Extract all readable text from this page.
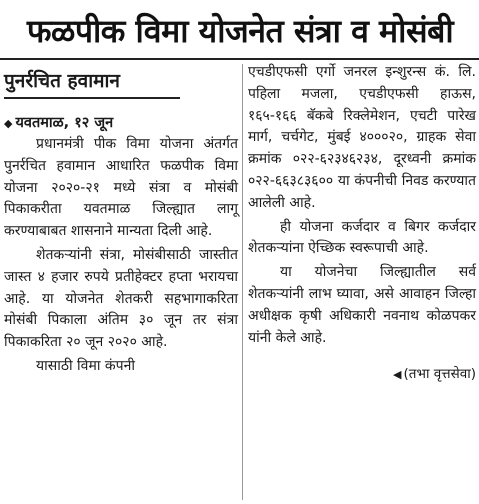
फळपीक विमा योजनेत संत्रा व मोसंबी
पुनर्रचित हवामान
◆ यवतमाळ, १२ जून

प्रधानमंत्री पीक विमा योजना अंतर्गत पुनर्रचित हवामान आधारित फळपीक विमा योजना २०२०-२१ मध्ये संत्रा व मोसंबी पिकाकरीता यवतमाळ जिल्ह्यात लागू करण्याबाबत शासनाने मान्यता दिली आहे.

शेतकऱ्यांनी संत्रा, मोसंबीसाठी जास्तीत जास्त ४ हजार रुपये प्रतीहेक्टर हप्ता भरायचा आहे. या योजनेत शेतकरी सहभागाकरिता मोसंबी पिकाला अंतिम ३० जून तर संत्रा पिकाकरिता २० जून २०२० आहे.

यासाठी विमा कंपनी

एचडीएफसी एर्गो जनरल इन्शुरन्स कं. लि. पहिला मजला, एचडीएफसी हाऊस, १६५-१६६ बॅकबे रिक्लेमेशन, एचटी पारेख मार्ग, चर्चगेट, मुंबई ४०००२०, ग्राहक सेवा क्रमांक ०२२-६२३४६२३४, दूरध्वनी क्रमांक ०२२-६६३८३६०० या कंपनीची निवड करण्यात आलेली आहे.

ही योजना कर्जदार व बिगर कर्जदार शेतकऱ्यांना ऐच्छिक स्वरूपाची आहे.

या योजनेचा जिल्ह्यातील सर्व शेतकऱ्यांनी लाभ घ्यावा, असे आवाहन जिल्हा अधीक्षक कृषी अधिकारी नवनाथ कोळपकर यांनी केले आहे.

◀ (तभा वृत्तसेवा)
